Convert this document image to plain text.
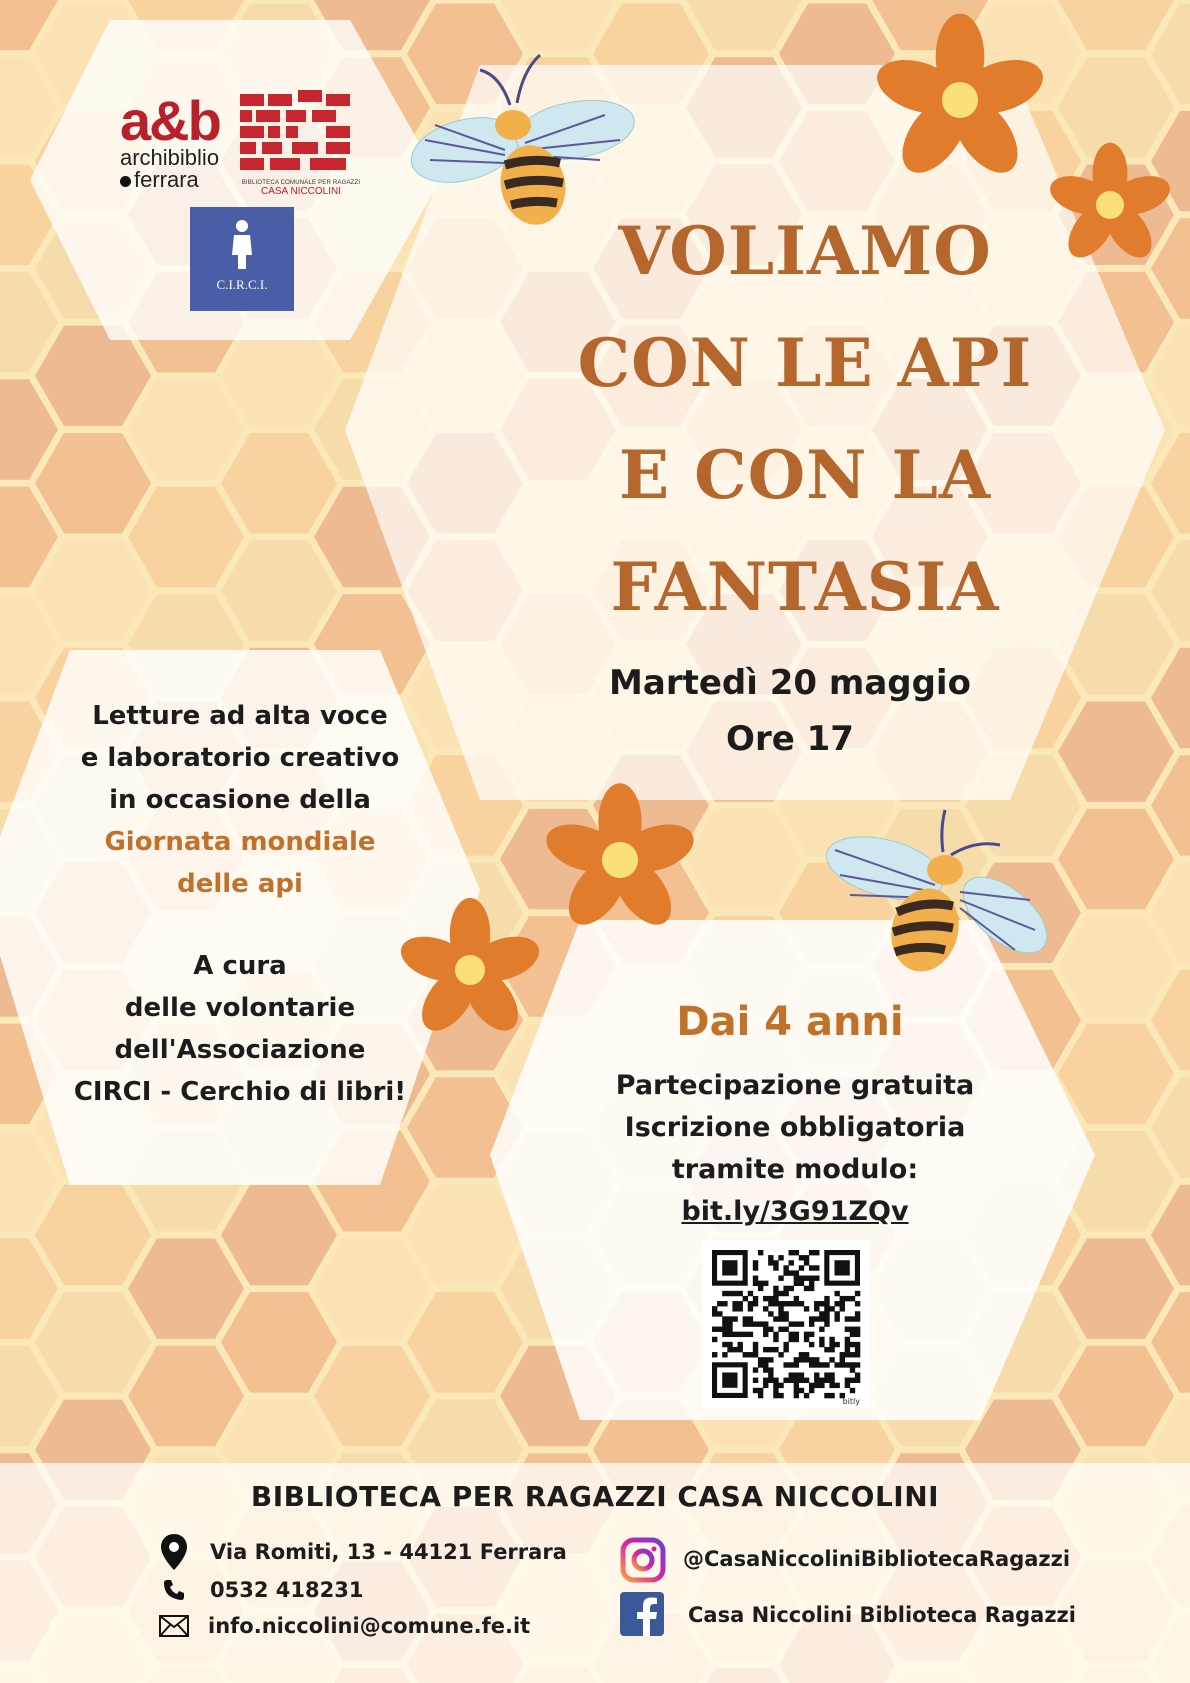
a&b
archibiblio
ferrara	BIBLIOTECA COMUNALE PER RAGAZZI
CASA NICCOLINI
C.I.R.C.I.	VOLIAMO
CON LE API
E CON LA
FANTASIA
Martedì 20 maggio
Ore 17
Letture ad alta voce
e laboratorio creativo
in occasione della
Giornata mondiale
delle api
A cura
delle volontarie
dell'Associazione
CIRCI - Cerchio di libri!
Dai 4 anni
Partecipazione gratuita
Iscrizione obbligatoria
tramite modulo:
bit.ly/3G91ZQv
bitly
BIBLIOTECA PER RAGAZZI CASA NICCOLINI
Via Romiti, 13 - 44121 Ferrara
0532 418231
info.niccolini@comune.fe.it
@CasaNiccoliniBibliotecaRagazzi
Casa Niccolini Biblioteca Ragazzi
